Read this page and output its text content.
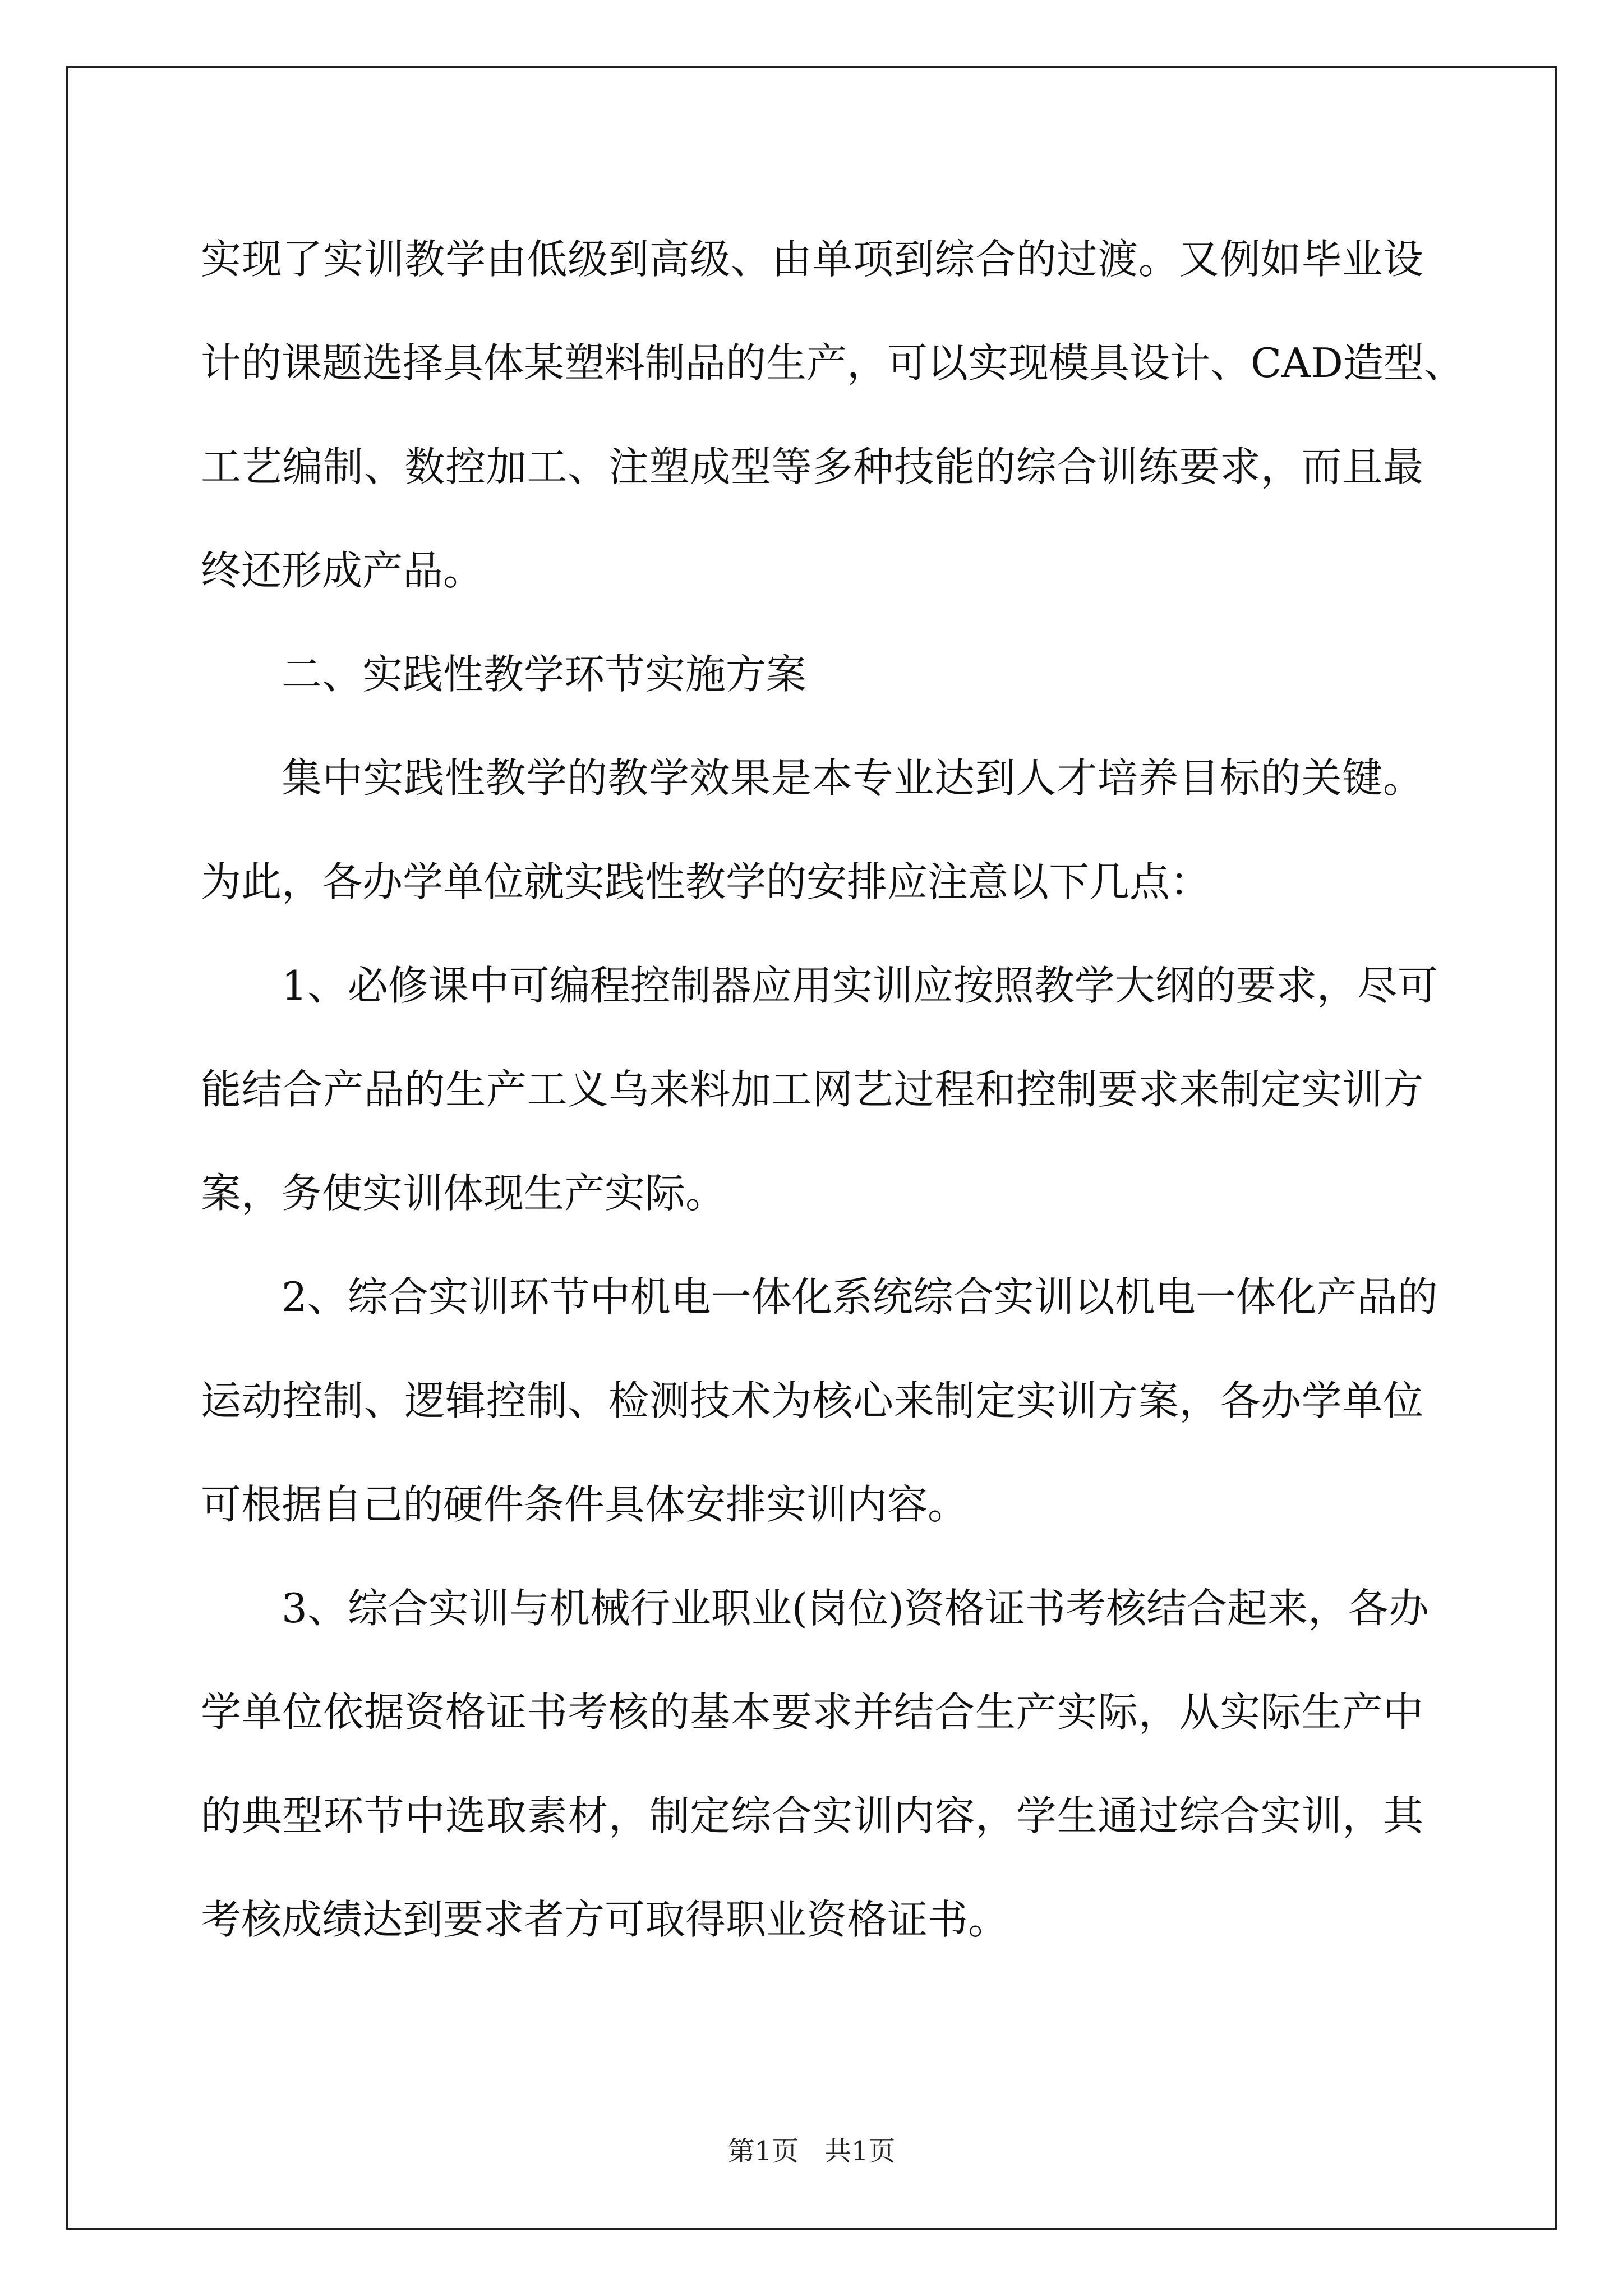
实现了实训教学由低级到高级、由单项到综合的过渡。又例如毕业设
计的课题选择具体某塑料制品的生产，可以实现模具设计、CAD造型、
工艺编制、数控加工、注塑成型等多种技能的综合训练要求，而且最
终还形成产品。
二、实践性教学环节实施方案
集中实践性教学的教学效果是本专业达到人才培养目标的关键。
为此，各办学单位就实践性教学的安排应注意以下几点：
1、必修课中可编程控制器应用实训应按照教学大纲的要求，尽可
能结合产品的生产工义乌来料加工网艺过程和控制要求来制定实训方
案，务使实训体现生产实际。
2、综合实训环节中机电一体化系统综合实训以机电一体化产品的
运动控制、逻辑控制、检测技术为核心来制定实训方案，各办学单位
可根据自己的硬件条件具体安排实训内容。
3、综合实训与机械行业职业(岗位)资格证书考核结合起来，各办
学单位依据资格证书考核的基本要求并结合生产实际，从实际生产中
的典型环节中选取素材，制定综合实训内容，学生通过综合实训，其
考核成绩达到要求者方可取得职业资格证书。
第1页   共1页
